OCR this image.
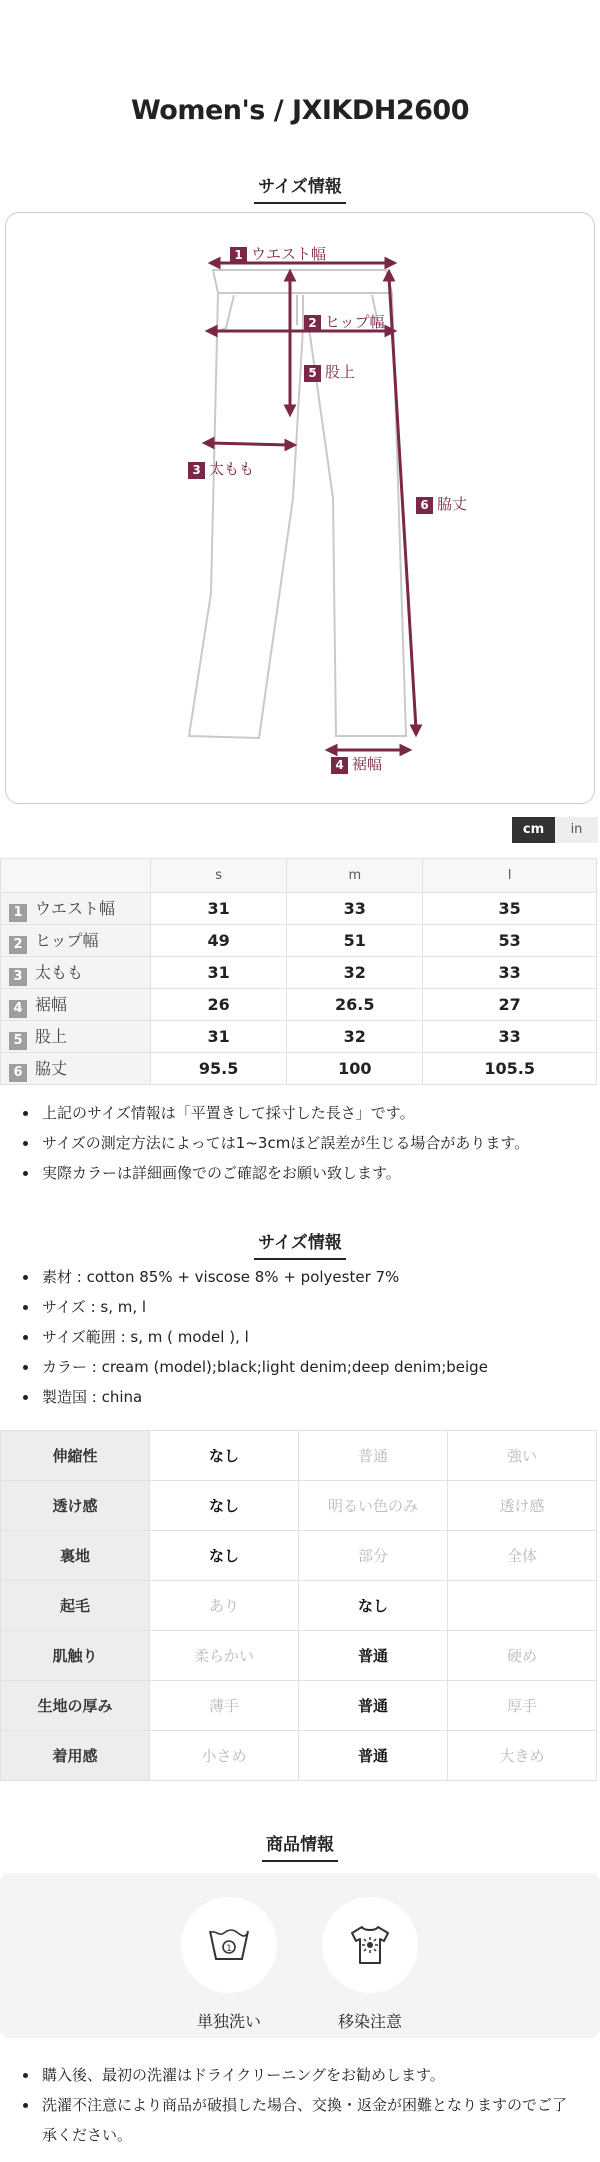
Women's / JXIKDH2600
サイズ情報
1 ウエスト幅
2 ヒップ幅
5 股上
3 太もも
6 脇丈
4 裾幅
cm	in
	s	m	l
1 ウエスト幅	31	33	35
2 ヒップ幅	49	51	53
3 太もも	31	32	33
4 裾幅	26	26.5	27
5 股上	31	32	33
6 脇丈	95.5	100	105.5
上記のサイズ情報は「平置きして採寸した長さ」です。
サイズの測定方法によっては1~3cmほど誤差が生じる場合があります。
実際カラーは詳細画像でのご確認をお願い致します。
サイズ情報
素材 : cotton 85% + viscose 8% + polyester 7%
サイズ : s, m, l
サイズ範囲 : s, m ( model ), l
カラー : cream (model);black;light denim;deep denim;beige
製造国 : china
伸縮性	なし	普通	強い
透け感	なし	明るい色のみ	透け感
裏地	なし	部分	全体
起毛	あり	なし	
肌触り	柔らかい	普通	硬め
生地の厚み	薄手	普通	厚手
着用感	小さめ	普通	大きめ
商品情報
1
単独洗い	移染注意
購入後、最初の洗濯はドライクリーニングをお勧めします。
洗濯不注意により商品が破損した場合、交換・返金が困難となりますのでご了承ください。
